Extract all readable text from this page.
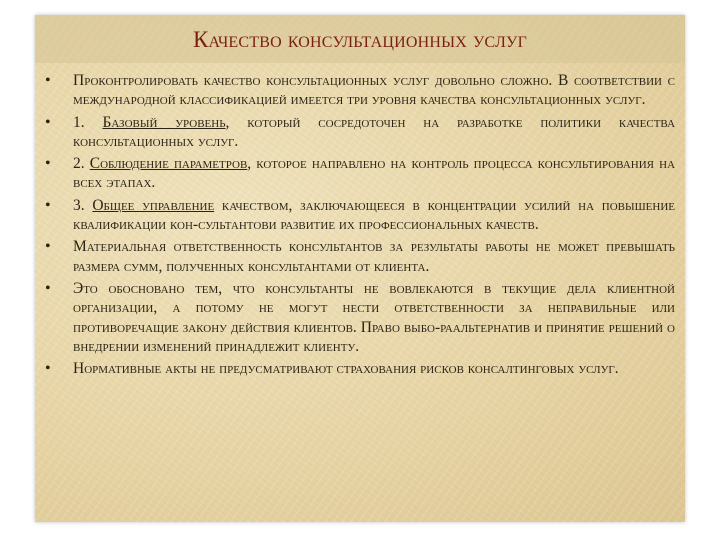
Качество консультационных услуг
• Проконтролировать качество консультационных услуг довольно сложно. В соответствии с международной классификацией имеется три уровня качества консультационных услуг.
• 1. Базовый уровень, который сосредоточен на разработке политики качества консультационных услуг.
• 2. Соблюдение параметров, которое направлено на контроль процесса консультирования на всех этапах.
• 3. Общее управление качеством, заключающееся в концентрации усилий на повышение квалификации кон-сультантови развитие их профессиональных качеств.
• Материальная ответственность консультантов за результаты работы не может превышать размера сумм, полученных консультантами от клиента.
• Это обосновано тем, что консультанты не вовлекаются в текущие дела клиентной организации, а потому не могут нести ответственности за неправильные или противоречащие закону действия клиентов. Право выбо-раальтернатив и принятие решений о внедрении изменений принадлежит клиенту.
• Нормативные акты не предусматривают страхования рисков консалтинговых услуг.
